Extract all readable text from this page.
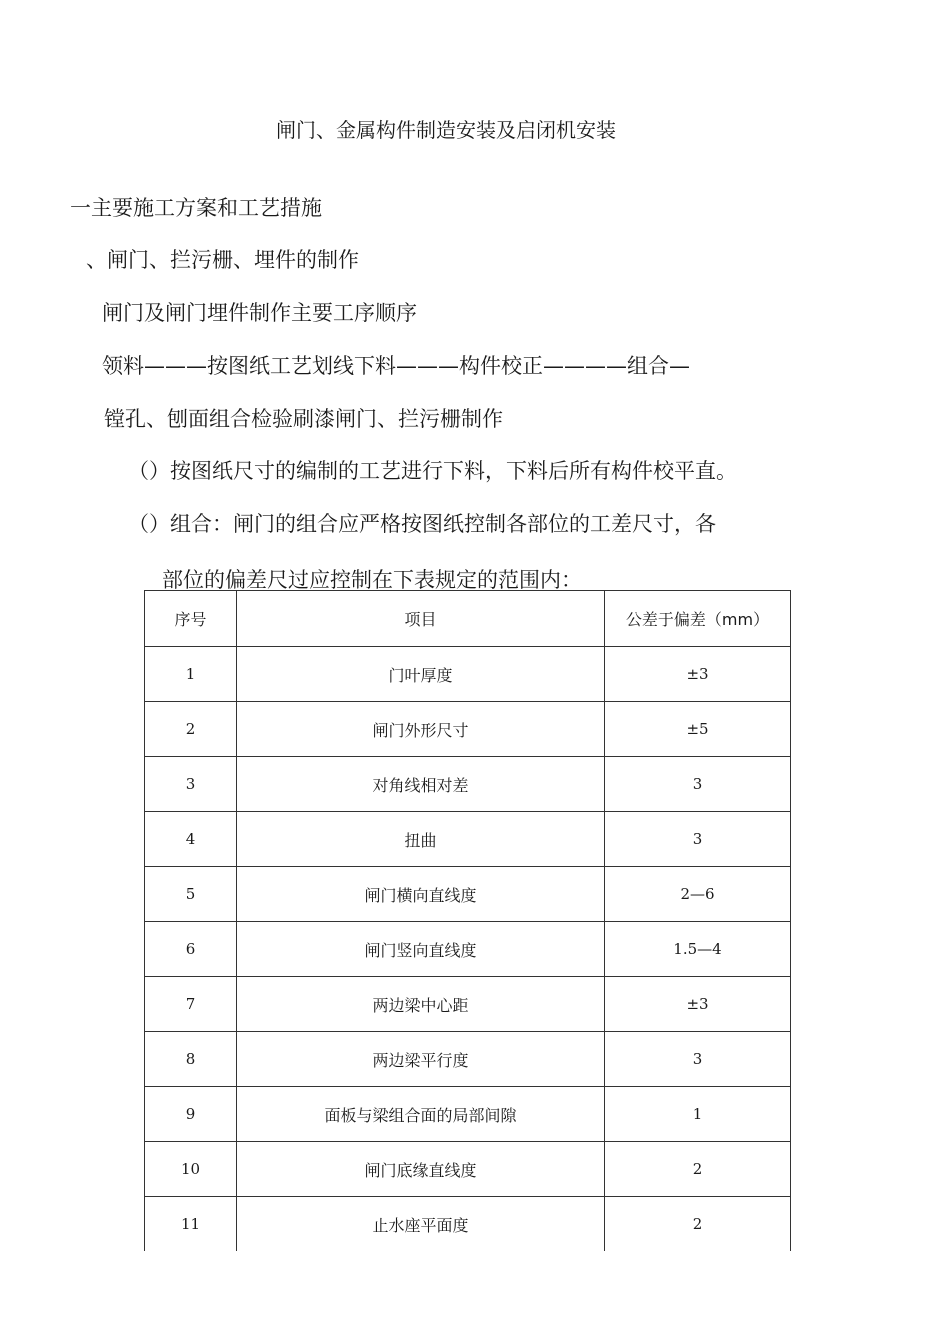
闸门、金属构件制造安装及启闭机安装
一主要施工方案和工艺措施
、闸门、拦污栅、埋件的制作
闸门及闸门埋件制作主要工序顺序
领料———按图纸工艺划线下料———构件校正————组合—
镗孔、刨面组合检验刷漆闸门、拦污栅制作
（）按图纸尺寸的编制的工艺进行下料，下料后所有构件校平直。
（）组合：闸门的组合应严格按图纸控制各部位的工差尺寸，各
部位的偏差尺过应控制在下表规定的范围内：
序号	项目	公差于偏差（mm）
1	门叶厚度	±3
2	闸门外形尺寸	±5
3	对角线相对差	3
4	扭曲	3
5	闸门横向直线度	2—6
6	闸门竖向直线度	1.5—4
7	两边梁中心距	±3
8	两边梁平行度	3
9	面板与梁组合面的局部间隙	1
10	闸门底缘直线度	2
11	止水座平面度	2
